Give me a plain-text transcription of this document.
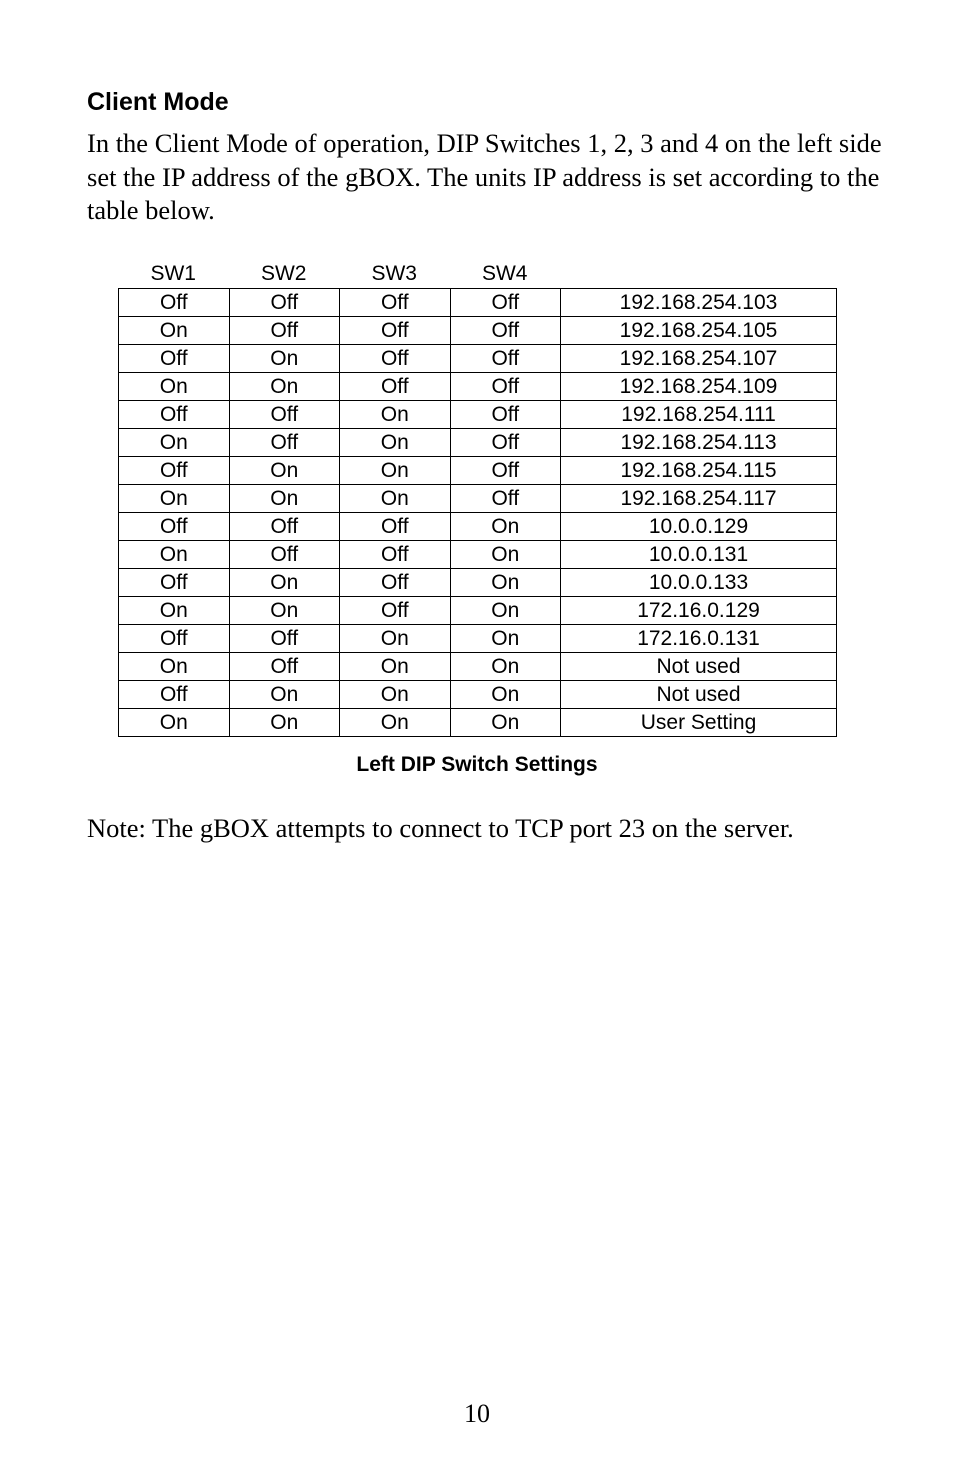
Client Mode

In the Client Mode of operation, DIP Switches 1, 2, 3 and 4 on the left side set the IP address of the gBOX. The units IP address is set according to the table below.

SW1	SW2	SW3	SW4
Off	Off	Off	Off	192.168.254.103
On	Off	Off	Off	192.168.254.105
Off	On	Off	Off	192.168.254.107
On	On	Off	Off	192.168.254.109
Off	Off	On	Off	192.168.254.111
On	Off	On	Off	192.168.254.113
Off	On	On	Off	192.168.254.115
On	On	On	Off	192.168.254.117
Off	Off	Off	On	10.0.0.129
On	Off	Off	On	10.0.0.131
Off	On	Off	On	10.0.0.133
On	On	Off	On	172.16.0.129
Off	Off	On	On	172.16.0.131
On	Off	On	On	Not used
Off	On	On	On	Not used
On	On	On	On	User Setting
Left DIP Switch Settings

Note: The gBOX attempts to connect to TCP port 23 on the server.

10
